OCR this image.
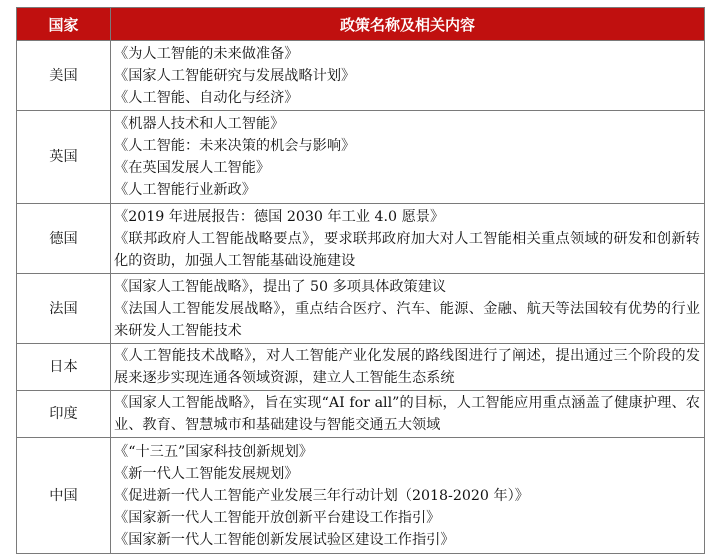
国家	政策名称及相关内容
美国	《为人工智能的未来做准备》
《国家人工智能研究与发展战略计划》
《人工智能、自动化与经济》

英国	《机器人技术和人工智能》
《人工智能：未来决策的机会与影响》
《在英国发展人工智能》
《人工智能行业新政》

德国	《2019 年进展报告：德国 2030 年工业 4.0 愿景》
《联邦政府人工智能战略要点》，要求联邦政府加大对人工智能相关重点领域的研发和创新转化的资助，加强人工智能基础设施建设

法国	《国家人工智能战略》，提出了 50 多项具体政策建议
《法国人工智能发展战略》，重点结合医疗、汽车、能源、金融、航天等法国较有优势的行业来研发人工智能技术

日本	《人工智能技术战略》，对人工智能产业化发展的路线图进行了阐述，提出通过三个阶段的发展来逐步实现连通各领域资源，建立人工智能生态系统

印度	《国家人工智能战略》，旨在实现“AI for all”的目标，人工智能应用重点涵盖了健康护理、农业、教育、智慧城市和基础建设与智能交通五大领域

中国	《“十三五”国家科技创新规划》
《新一代人工智能发展规划》
《促进新一代人工智能产业发展三年行动计划（2018-2020 年）》
《国家新一代人工智能开放创新平台建设工作指引》
《国家新一代人工智能创新发展试验区建设工作指引》
